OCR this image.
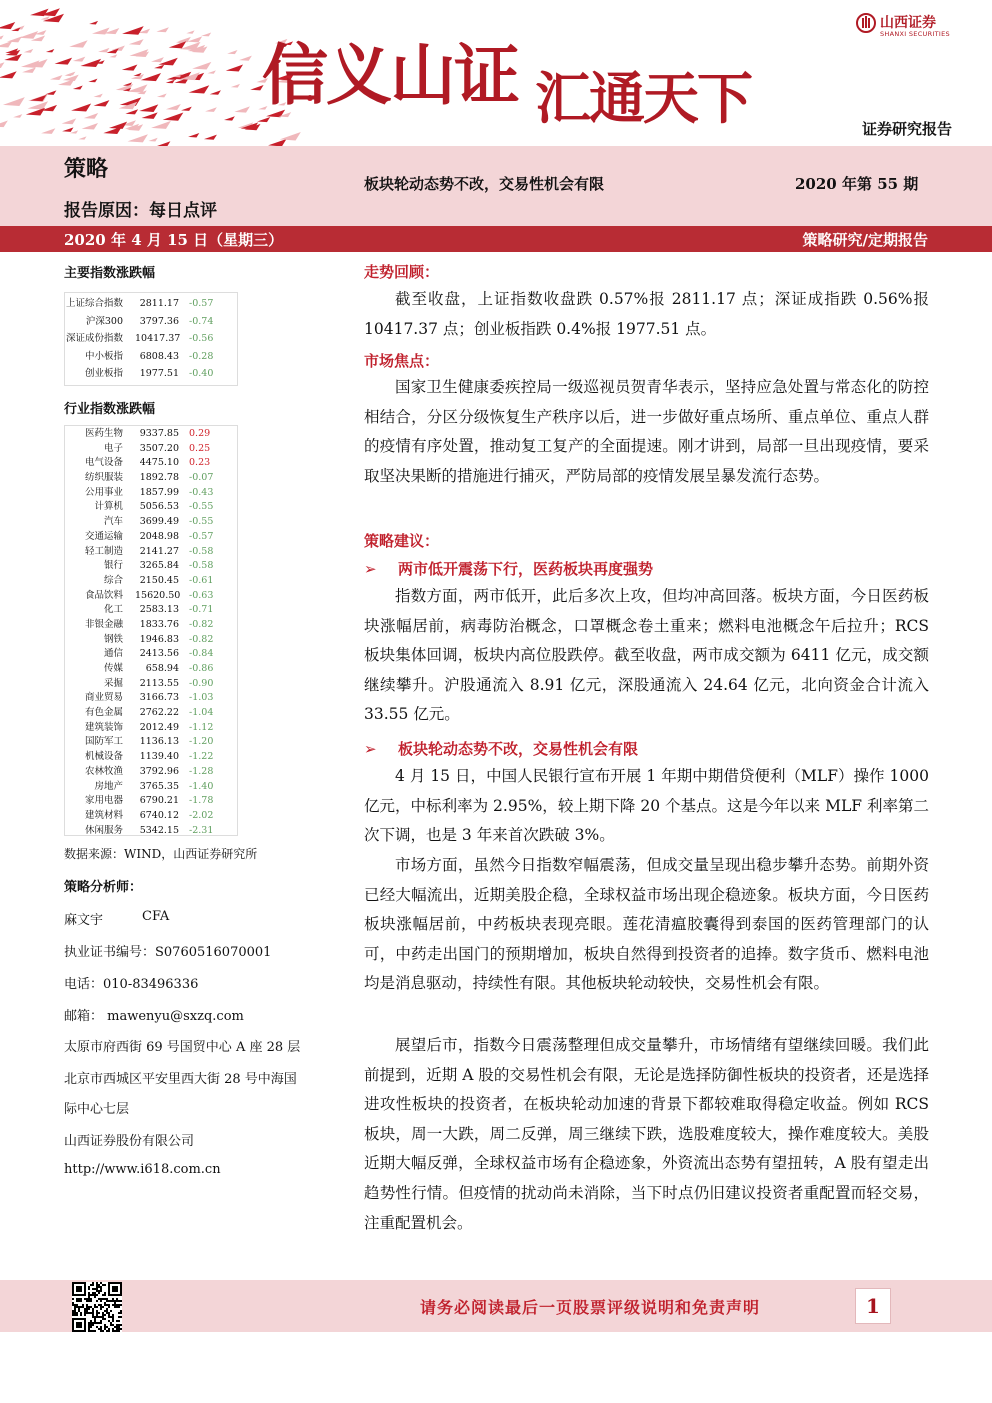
信义山证 汇通天下
山西证券
SHANXI SECURITIES
证券研究报告
策略
板块轮动态势不改，交易性机会有限	2020 年第 55 期
报告原因：每日点评
2020 年 4 月 15 日（星期三）	策略研究/定期报告
主要指数涨跌幅
上证综合指数	2811.17 -0.57
沪深300	3797.36 -0.74
深证成份指数 10417.37 -0.56
中小板指	6808.43 -0.28
创业板指	1977.51 -0.40
行业指数涨跌幅
医药生物	9337.85 0.29
电子	3507.20 0.25
电气设备	4475.10 0.23
纺织服装	1892.78 -0.07
公用事业	1857.99 -0.43
计算机	5056.53 -0.55
汽车	3699.49 -0.55
交通运输	2048.98 -0.57
轻工制造	2141.27 -0.58
银行	3265.84 -0.58
综合	2150.45 -0.61
食品饮料 15620.50 -0.63
化工	2583.13 -0.71
非银金融	1833.76 -0.82
钢铁	1946.83 -0.82
通信	2413.56 -0.84
传媒	658.94 -0.86
采掘	2113.55 -0.90
商业贸易	3166.73 -1.03
有色金属	2762.22 -1.04
建筑装饰	2012.49 -1.12
国防军工	1136.13 -1.20
机械设备	1139.40 -1.22
农林牧渔	3792.96 -1.28
房地产	3765.35 -1.40
家用电器	6790.21 -1.78
建筑材料	6740.12 -2.02
休闲服务	5342.15 -2.31
数据来源：WIND，山西证券研究所
策略分析师：
麻文宇	CFA
执业证书编号：S0760516070001
电话：010-83496336
邮箱： mawenyu@sxzq.com
太原市府西街 69 号国贸中心 A 座 28 层
北京市西城区平安里西大街 28 号中海国
际中心七层
山西证券股份有限公司
http://www.i618.com.cn
走势回顾：
截至收盘，上证指数收盘跌 0.57%报 2811.17 点；深证成指跌 0.56%报 10417.37 点；创业板指跌 0.4%报 1977.51 点。
市场焦点：
国家卫生健康委疾控局一级巡视员贺青华表示，坚持应急处置与常态化的防控相结合，分区分级恢复生产秩序以后，进一步做好重点场所、重点单位、重点人群的疫情有序处置，推动复工复产的全面提速。刚才讲到，局部一旦出现疫情，要采取坚决果断的措施进行捕灭，严防局部的疫情发展呈暴发流行态势。
策略建议：
➢ 两市低开震荡下行，医药板块再度强势
指数方面，两市低开，此后多次上攻，但均冲高回落。板块方面，今日医药板块涨幅居前，病毒防治概念，口罩概念卷土重来；燃料电池概念午后拉升；RCS 板块集体回调，板块内高位股跌停。截至收盘，两市成交额为 6411 亿元，成交额继续攀升。沪股通流入 8.91 亿元，深股通流入 24.64 亿元，北向资金合计流入 33.55 亿元。
➢ 板块轮动态势不改，交易性机会有限
4 月 15 日，中国人民银行宣布开展 1 年期中期借贷便利（MLF）操作 1000 亿元，中标利率为 2.95%，较上期下降 20 个基点。这是今年以来 MLF 利率第二次下调，也是 3 年来首次跌破 3%。
市场方面，虽然今日指数窄幅震荡，但成交量呈现出稳步攀升态势。前期外资已经大幅流出，近期美股企稳，全球权益市场出现企稳迹象。板块方面，今日医药板块涨幅居前，中药板块表现亮眼。莲花清瘟胶囊得到泰国的医药管理部门的认可，中药走出国门的预期增加，板块自然得到投资者的追捧。数字货币、燃料电池均是消息驱动，持续性有限。其他板块轮动较快，交易性机会有限。
展望后市，指数今日震荡整理但成交量攀升，市场情绪有望继续回暖。我们此前提到，近期 A 股的交易性机会有限，无论是选择防御性板块的投资者，还是选择进攻性板块的投资者，在板块轮动加速的背景下都较难取得稳定收益。例如 RCS 板块，周一大跌，周二反弹，周三继续下跌，选股难度较大，操作难度较大。美股近期大幅反弹，全球权益市场有企稳迹象，外资流出态势有望扭转，A 股有望走出趋势性行情。但疫情的扰动尚未消除，当下时点仍旧建议投资者重配置而轻交易，注重配置机会。
请务必阅读最后一页股票评级说明和免责声明	1
